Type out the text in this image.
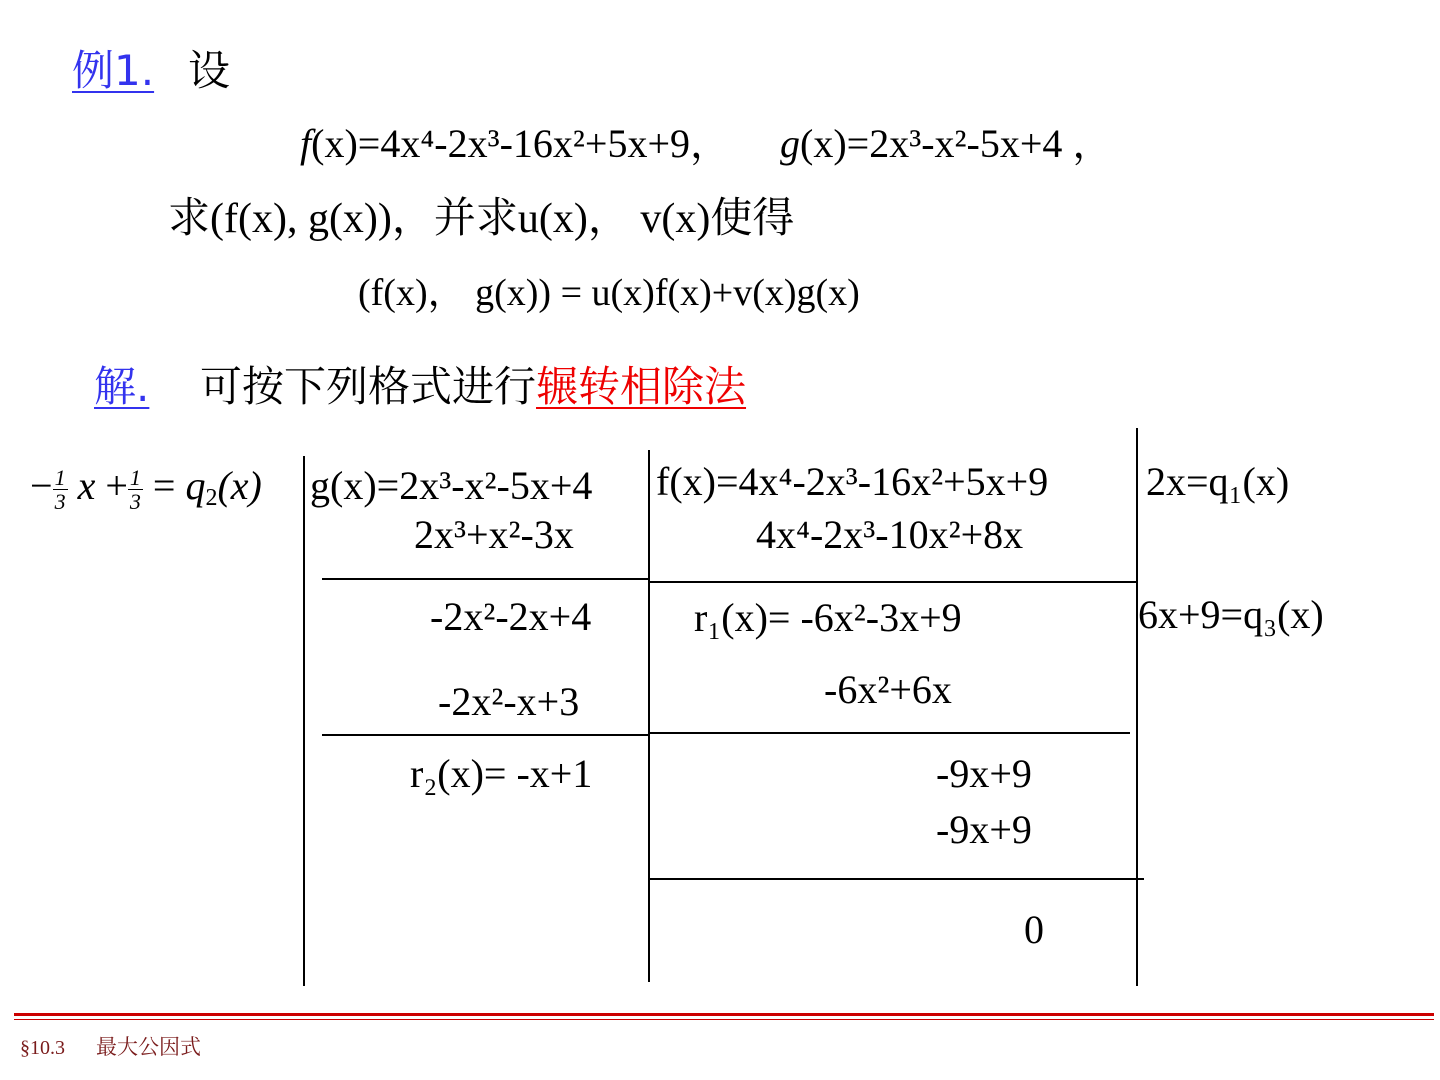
例1. 设
f(x)=4x⁴-2x³-16x²+5x+9， g(x)=2x³-x²-5x+4 ，
求(f(x), g(x))，并求u(x)， v(x)使得
(f(x)， g(x)) = u(x)f(x)+v(x)g(x)
解. 可按下列格式进行辗转相除法
− $\frac{1}{3}$ $x + \frac{1}{3} = q_2(x)$ g(x)=2x³-x²-5x+4
2x³+x²-3x
-2x²-2x+4
-2x²-x+3
r₂(x)= -x+1
f(x)=4x⁴-2x³-16x²+5x+9
4x⁴-2x³-10x²+8x
r₁(x)= -6x²-3x+9
-6x²+6x
-9x+9
-9x+9
0
2x=q₁(x)
6x+9=q₃(x)
§10.3 最大公因式
